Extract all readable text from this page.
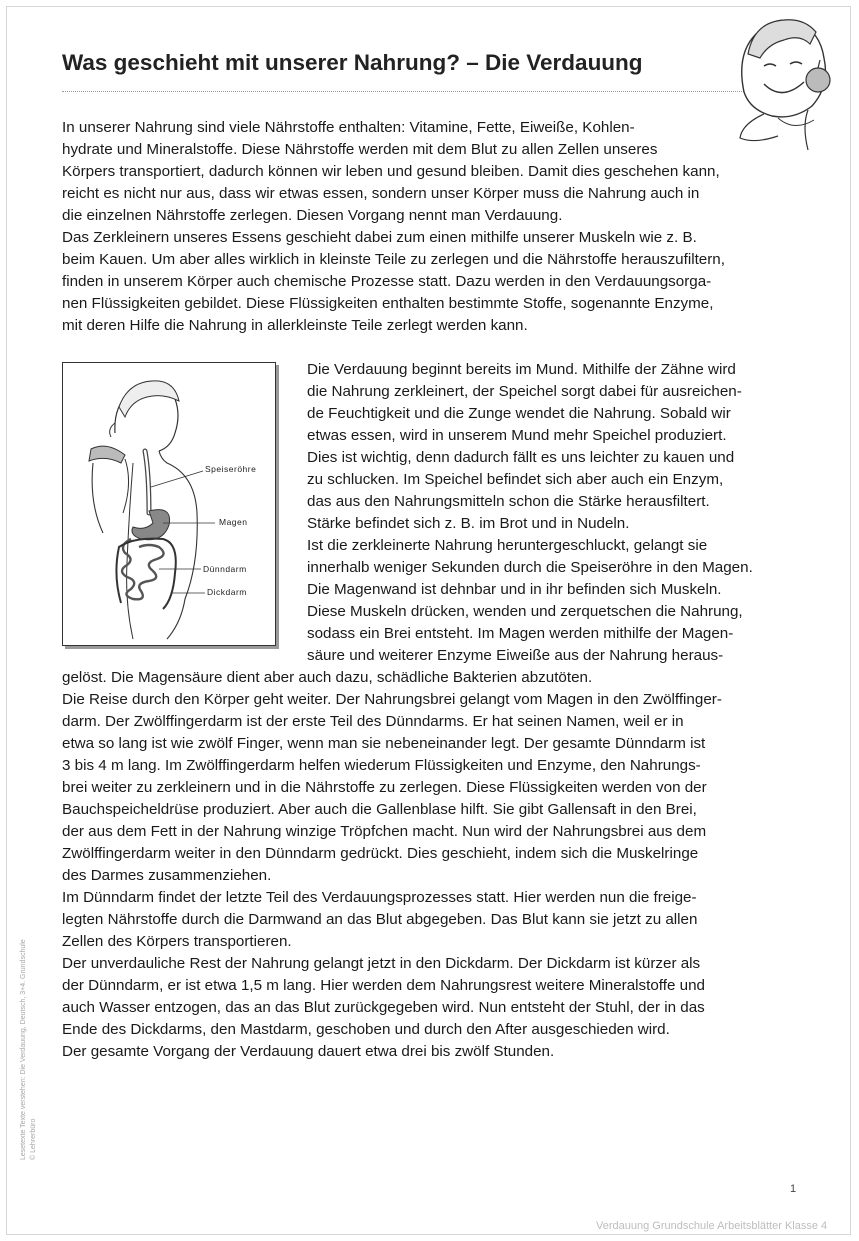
Was geschieht mit unserer Nahrung? – Die Verdauung
In unserer Nahrung sind viele Nährstoffe enthalten: Vitamine, Fette, Eiweiße, Kohlen-
hydrate und Mineralstoffe. Diese Nährstoffe werden mit dem Blut zu allen Zellen unseres
Körpers transportiert, dadurch können wir leben und gesund bleiben. Damit dies geschehen kann,
reicht es nicht nur aus, dass wir etwas essen, sondern unser Körper muss die Nahrung auch in
die einzelnen Nährstoffe zerlegen. Diesen Vorgang nennt man Verdauung.
Das Zerkleinern unseres Essens geschieht dabei zum einen mithilfe unserer Muskeln wie z. B.
beim Kauen. Um aber alles wirklich in kleinste Teile zu zerlegen und die Nährstoffe herauszufiltern,
finden in unserem Körper auch chemische Prozesse statt. Dazu werden in den Verdauungsorga-
nen Flüssigkeiten gebildet. Diese Flüssigkeiten enthalten bestimmte Stoffe, sogenannte Enzyme,
mit deren Hilfe die Nahrung in allerkleinste Teile zerlegt werden kann.
Speiseröhre
Magen
Dünndarm
Dickdarm
Die Verdauung beginnt bereits im Mund. Mithilfe der Zähne wird
die Nahrung zerkleinert, der Speichel sorgt dabei für ausreichen-
de Feuchtigkeit und die Zunge wendet die Nahrung. Sobald wir
etwas essen, wird in unserem Mund mehr Speichel produziert.
Dies ist wichtig, denn dadurch fällt es uns leichter zu kauen und
zu schlucken. Im Speichel befindet sich aber auch ein Enzym,
das aus den Nahrungsmitteln schon die Stärke herausfiltert.
Stärke befindet sich z. B. im Brot und in Nudeln.
Ist die zerkleinerte Nahrung heruntergeschluckt, gelangt sie
innerhalb weniger Sekunden durch die Speiseröhre in den Magen.
Die Magenwand ist dehnbar und in ihr befinden sich Muskeln.
Diese Muskeln drücken, wenden und zerquetschen die Nahrung,
sodass ein Brei entsteht. Im Magen werden mithilfe der Magen-
säure und weiterer Enzyme Eiweiße aus der Nahrung heraus-
gelöst. Die Magensäure dient aber auch dazu, schädliche Bakterien abzutöten.
Die Reise durch den Körper geht weiter. Der Nahrungsbrei gelangt vom Magen in den Zwölffinger-
darm. Der Zwölffingerdarm ist der erste Teil des Dünndarms. Er hat seinen Namen, weil er in
etwa so lang ist wie zwölf Finger, wenn man sie nebeneinander legt. Der gesamte Dünndarm ist
3 bis 4 m lang. Im Zwölffingerdarm helfen wiederum Flüssigkeiten und Enzyme, den Nahrungs-
brei weiter zu zerkleinern und in die Nährstoffe zu zerlegen. Diese Flüssigkeiten werden von der
Bauchspeicheldrüse produziert. Aber auch die Gallenblase hilft. Sie gibt Gallensaft in den Brei,
der aus dem Fett in der Nahrung winzige Tröpfchen macht. Nun wird der Nahrungsbrei aus dem
Zwölffingerdarm weiter in den Dünndarm gedrückt. Dies geschieht, indem sich die Muskelringe
des Darmes zusammenziehen.
Im Dünndarm findet der letzte Teil des Verdauungsprozesses statt. Hier werden nun die freige-
legten Nährstoffe durch die Darmwand an das Blut abgegeben. Das Blut kann sie jetzt zu allen
Zellen des Körpers transportieren.
Der unverdauliche Rest der Nahrung gelangt jetzt in den Dickdarm. Der Dickdarm ist kürzer als
der Dünndarm, er ist etwa 1,5 m lang. Hier werden dem Nahrungsrest weitere Mineralstoffe und
auch Wasser entzogen, das an das Blut zurückgegeben wird. Nun entsteht der Stuhl, der in das
Ende des Dickdarms, den Mastdarm, geschoben und durch den After ausgeschieden wird.
Der gesamte Vorgang der Verdauung dauert etwa drei bis zwölf Stunden.
Lesetexte Texte verstehen: Die Verdauung, Deutsch, 3+4. Grundschule © Lehrerbüro
1
Verdauung Grundschule Arbeitsblätter Klasse 4
